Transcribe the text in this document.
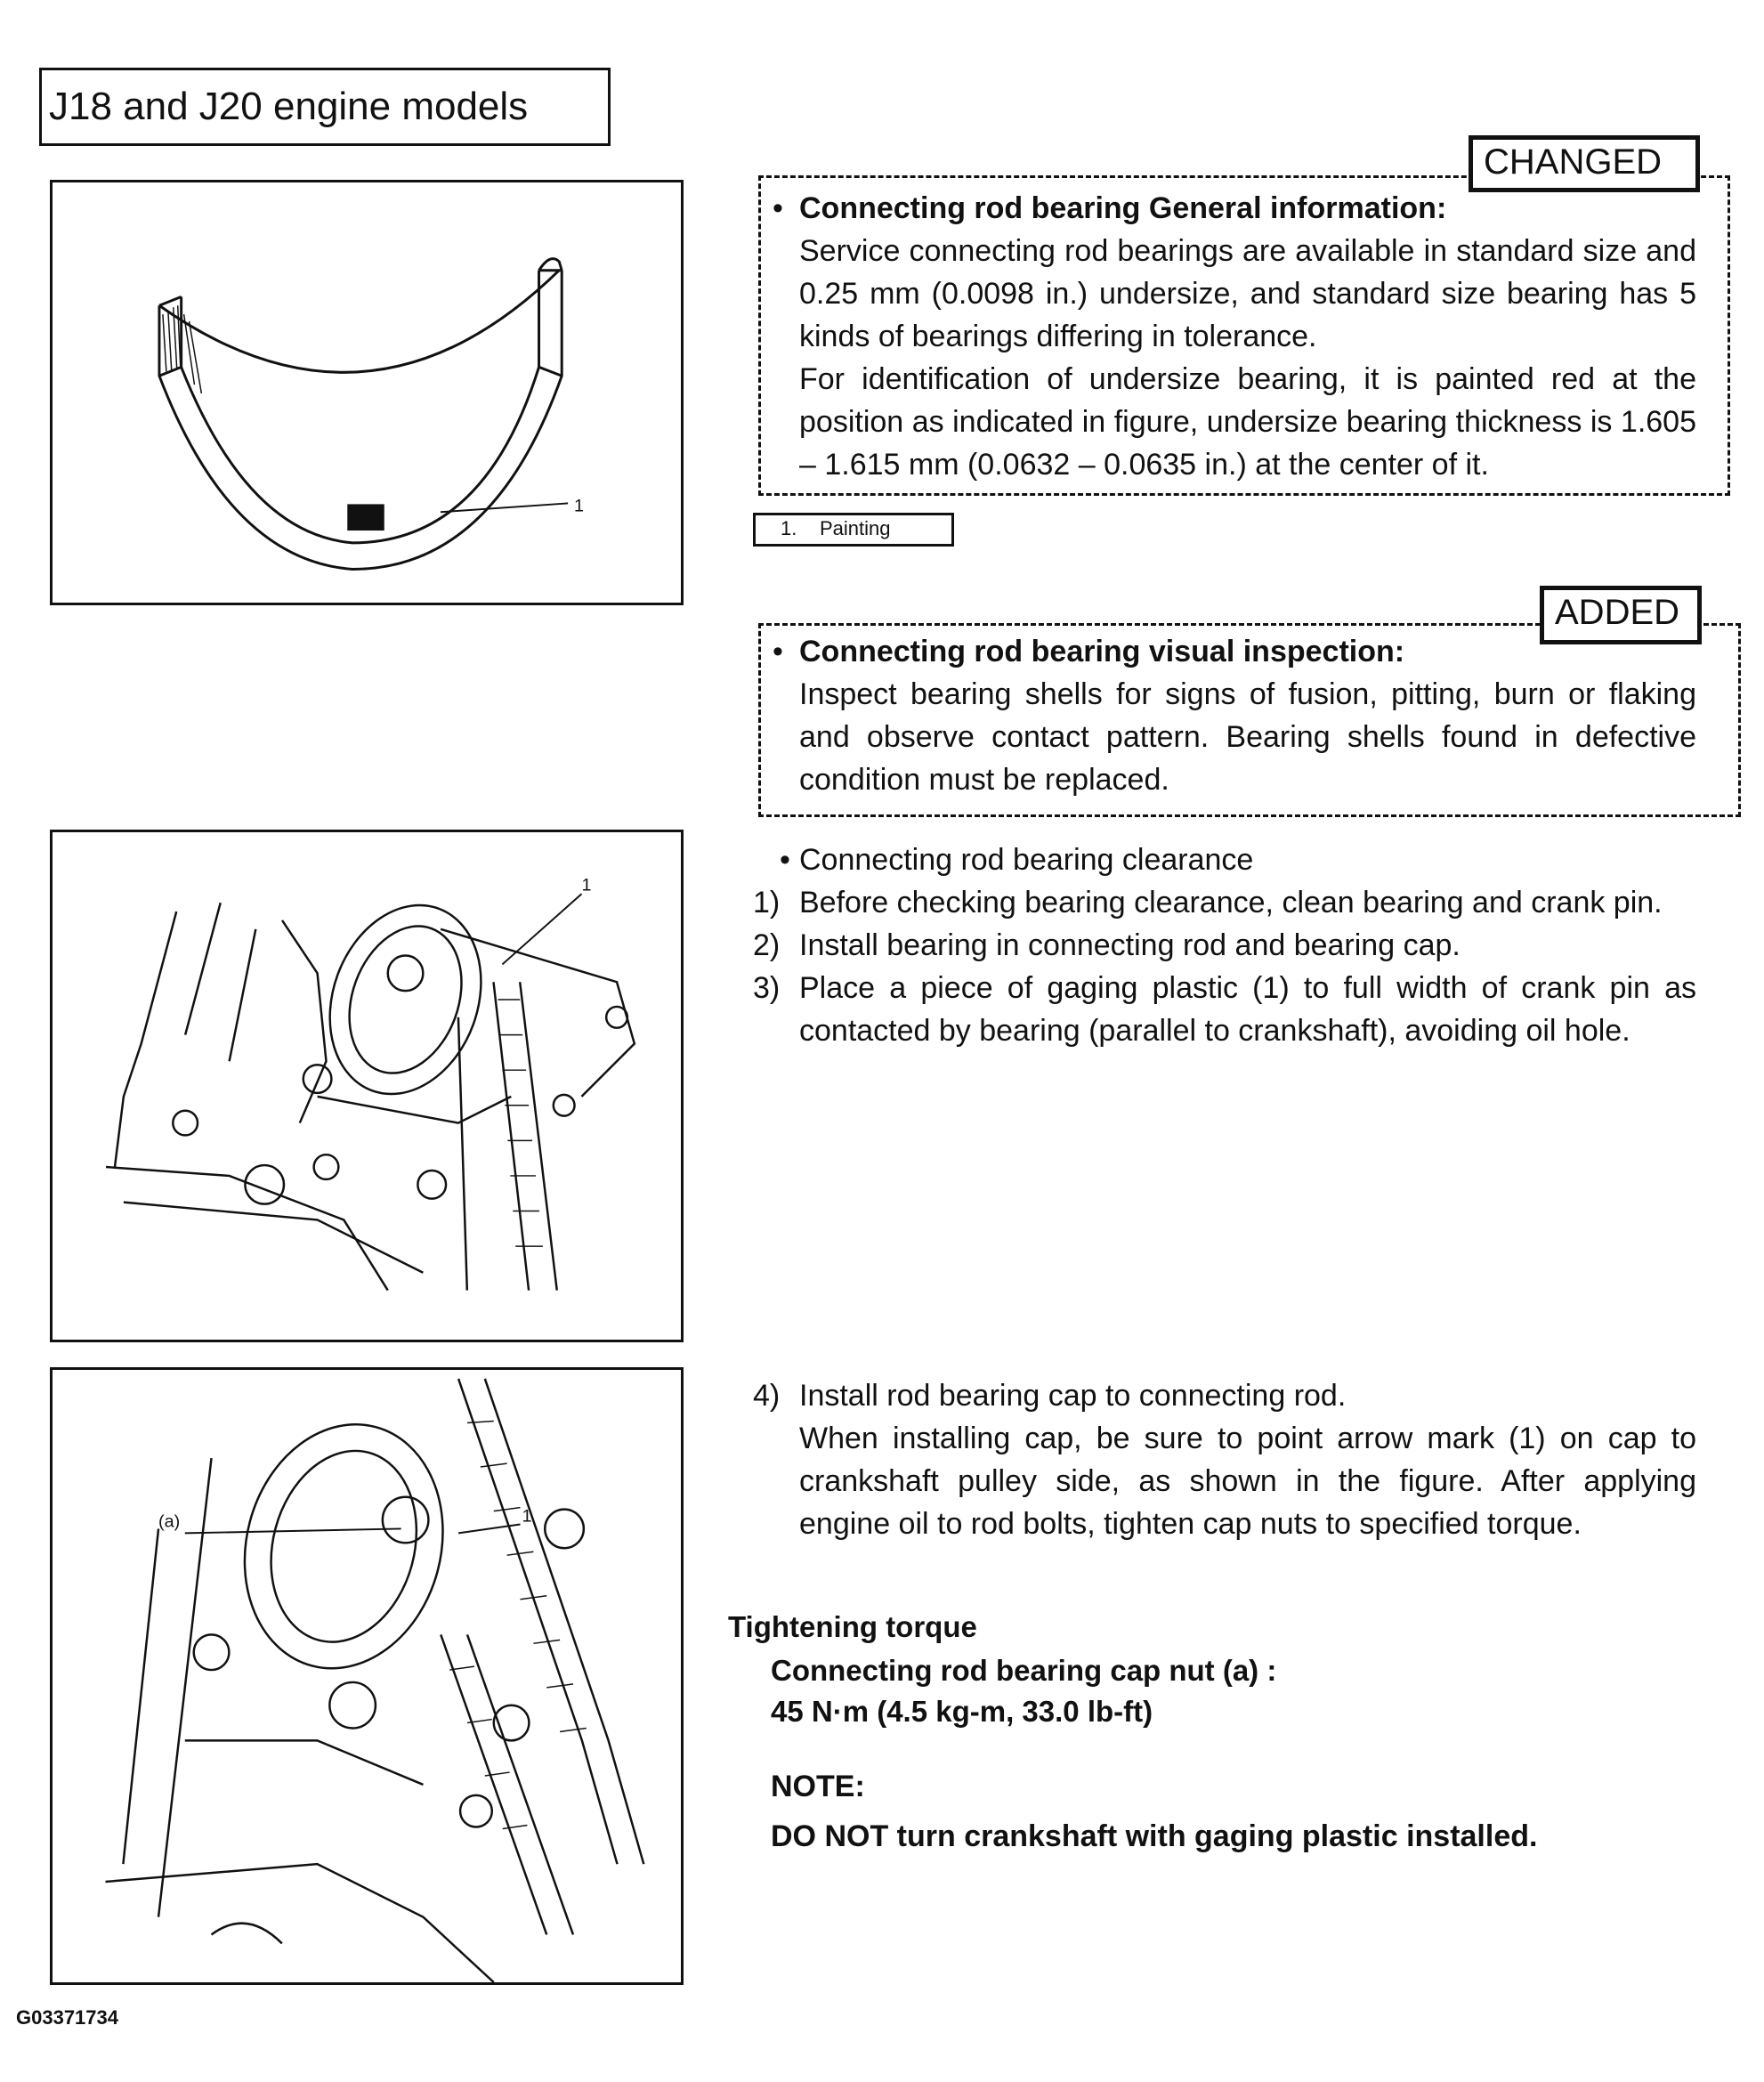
J18 and J20 engine models
1
1
(a)	1
CHANGED
• Connecting rod bearing General information:
Service connecting rod bearings are available in standard size and 0.25 mm (0.0098 in.) undersize, and standard size bearing has 5 kinds of bearings differing in tolerance.
For identification of undersize bearing, it is painted red at the position as indicated in figure, undersize bearing thickness is 1.605 – 1.615 mm (0.0632 – 0.0635 in.) at the center of it.
1. Painting
ADDED
• Connecting rod bearing visual inspection:
Inspect bearing shells for signs of fusion, pitting, burn or flaking and observe contact pattern. Bearing shells found in defective condition must be replaced.
• Connecting rod bearing clearance
1) Before checking bearing clearance, clean bearing and crank pin.
2) Install bearing in connecting rod and bearing cap.
3) Place a piece of gaging plastic (1) to full width of crank pin as contacted by bearing (parallel to crankshaft), avoiding oil hole.
4) Install rod bearing cap to connecting rod.
When installing cap, be sure to point arrow mark (1) on cap to crankshaft pulley side, as shown in the figure. After applying engine oil to rod bolts, tighten cap nuts to specified torque.
Tightening torque
Connecting rod bearing cap nut (a) :
45 N·m (4.5 kg-m, 33.0 lb-ft)
NOTE:
DO NOT turn crankshaft with gaging plastic installed.
G03371734
